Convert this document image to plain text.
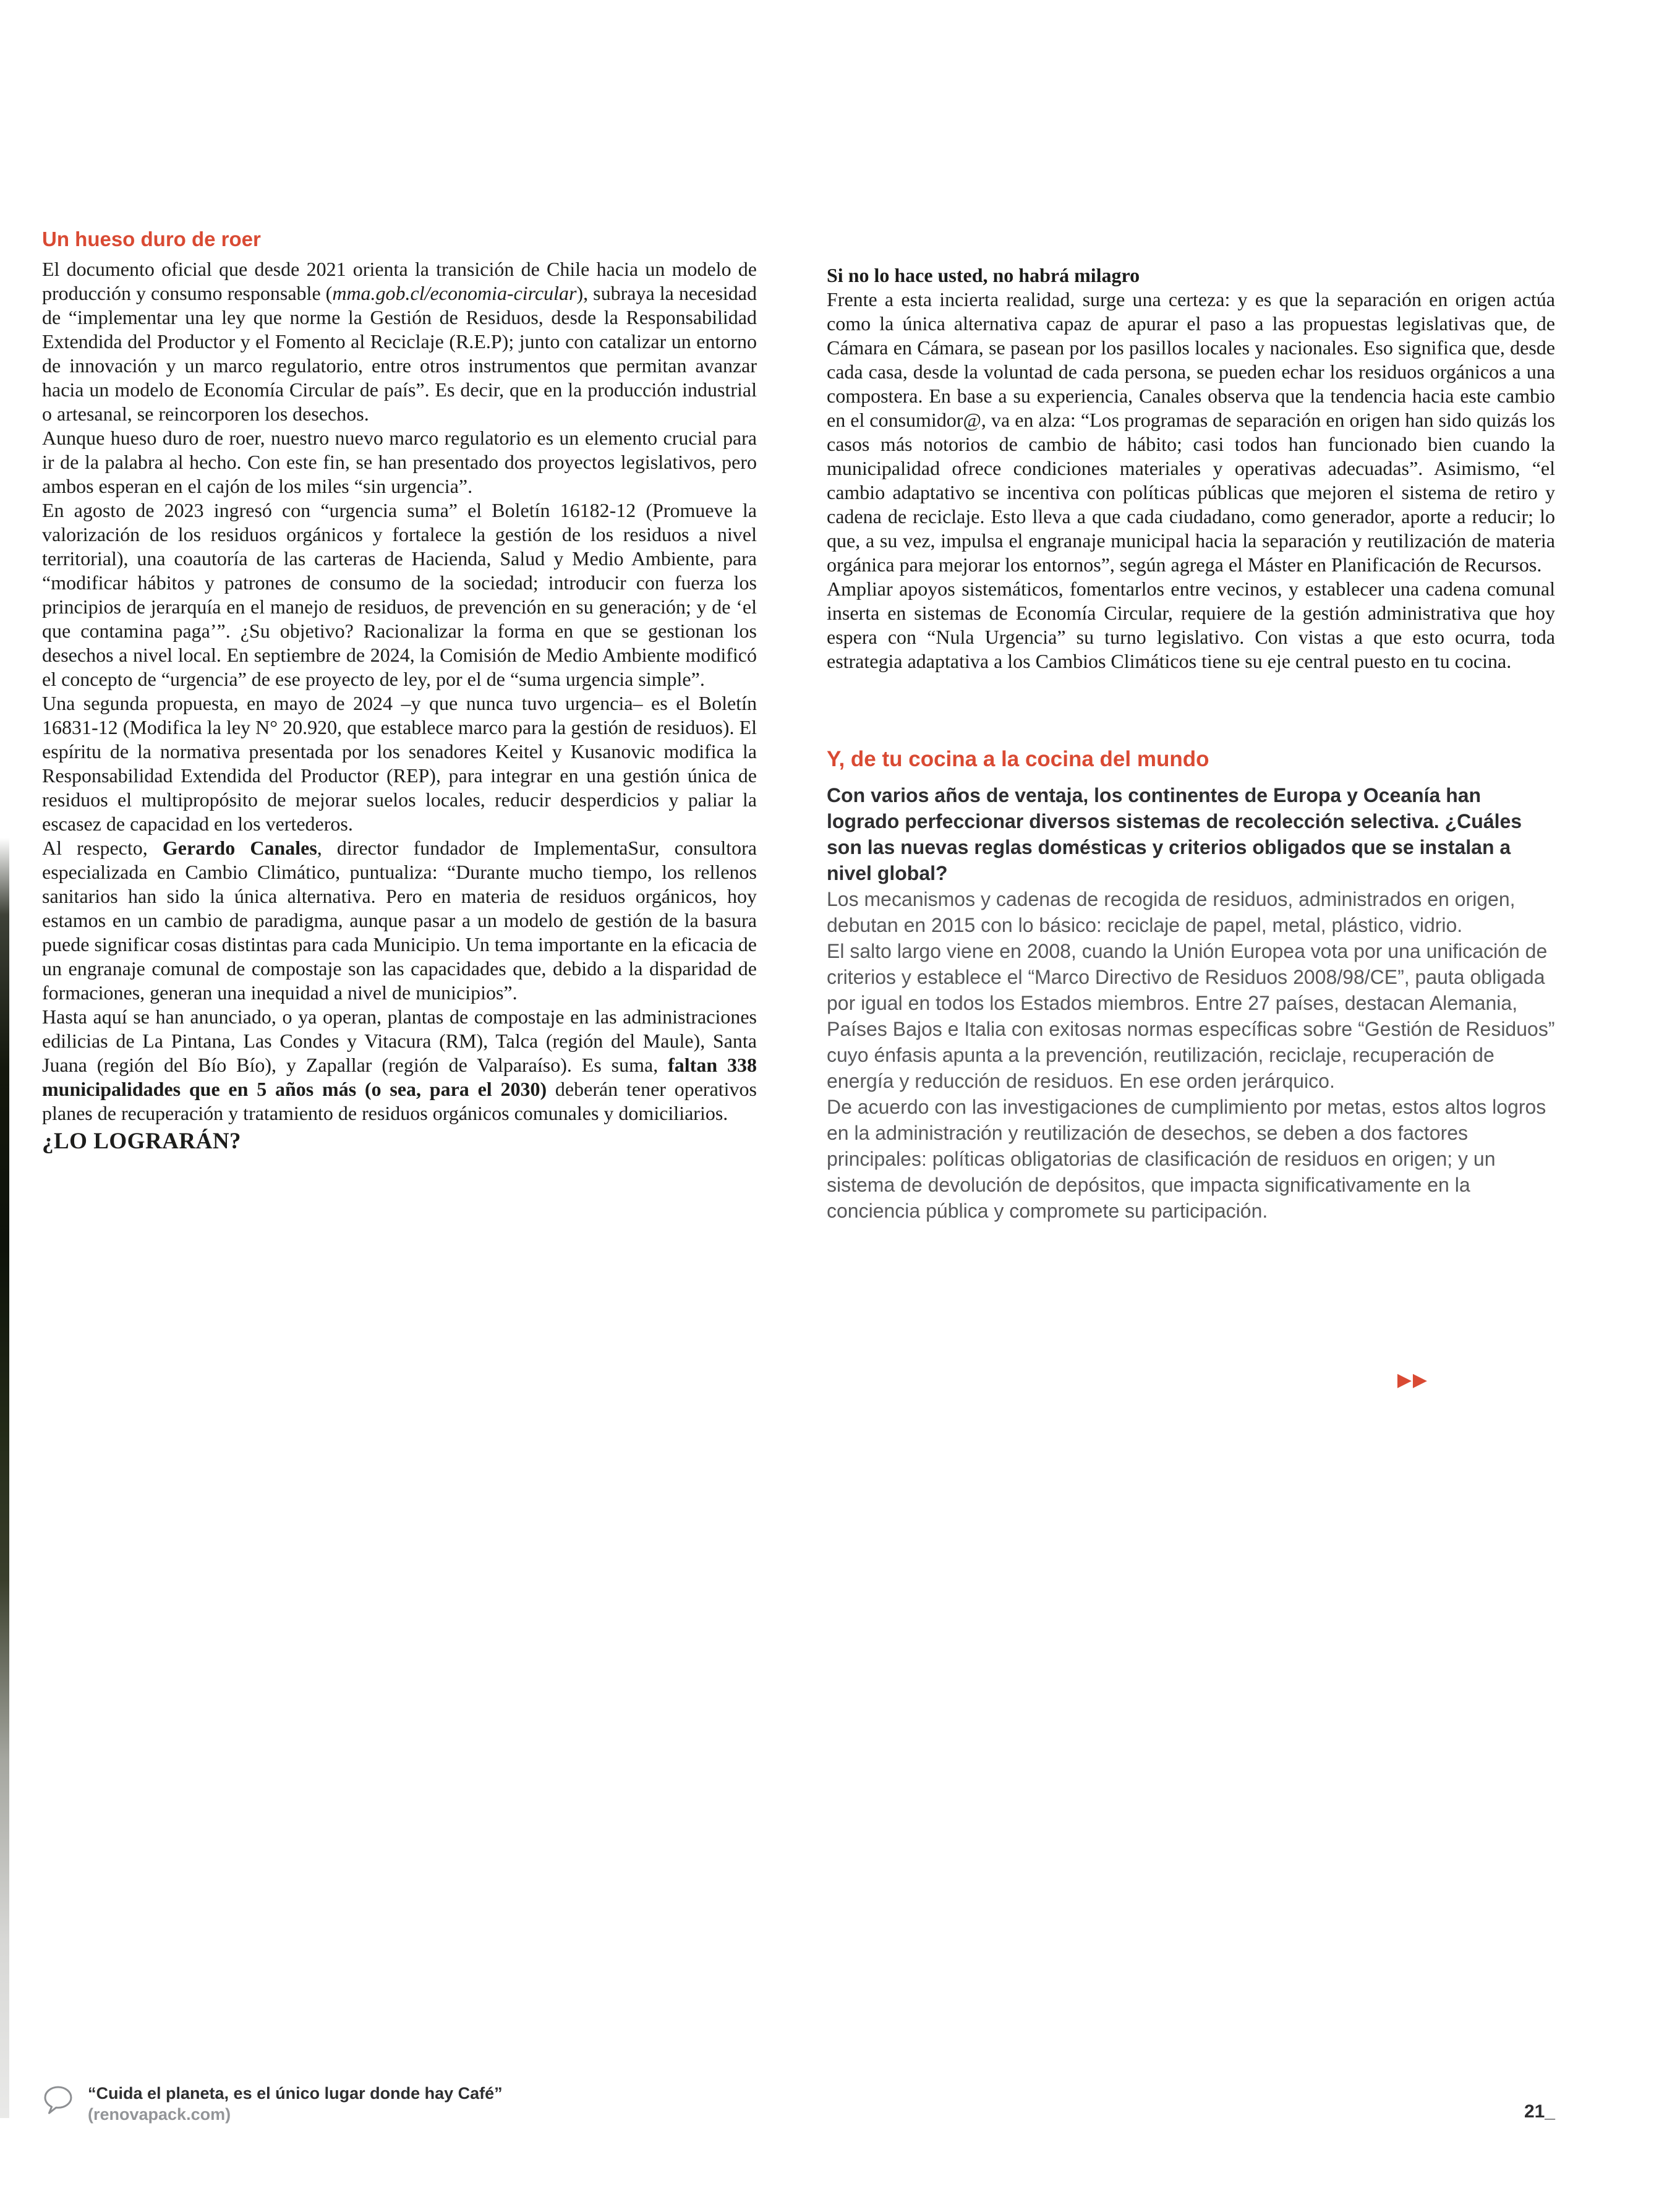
Un hueso duro de roer

El documento oficial que desde 2021 orienta la transición de Chile hacia un modelo de producción y consumo responsable (mma.gob.cl/economia-circular), subraya la necesidad de “implementar una ley que norme la Gestión de Residuos, desde la Responsabilidad Extendida del Productor y el Fomento al Reciclaje (R.E.P); junto con catalizar un entorno de innovación y un marco regulatorio, entre otros instrumentos que permitan avanzar hacia un modelo de Economía Circular de país”. Es decir, que en la producción industrial o artesanal, se reincorporen los desechos.

Aunque hueso duro de roer, nuestro nuevo marco regulatorio es un elemento crucial para ir de la palabra al hecho. Con este fin, se han presentado dos proyectos legislativos, pero ambos esperan en el cajón de los miles “sin urgencia”.

En agosto de 2023 ingresó con “urgencia suma” el Boletín 16182-12 (Promueve la valorización de los residuos orgánicos y fortalece la gestión de los residuos a nivel territorial), una coautoría de las carteras de Hacienda, Salud y Medio Ambiente, para “modificar hábitos y patrones de consumo de la sociedad; introducir con fuerza los principios de jerarquía en el manejo de residuos, de prevención en su generación; y de ‘el que contamina paga’”. ¿Su objetivo? Racionalizar la forma en que se gestionan los desechos a nivel local. En septiembre de 2024, la Comisión de Medio Ambiente modificó el concepto de “urgencia” de ese proyecto de ley, por el de “suma urgencia simple”.

Una segunda propuesta, en mayo de 2024 –y que nunca tuvo urgencia– es el Boletín 16831-12 (Modifica la ley N° 20.920, que establece marco para la gestión de residuos). El espíritu de la normativa presentada por los senadores Keitel y Kusanovic modifica la Responsabilidad Extendida del Productor (REP), para integrar en una gestión única de residuos el multipropósito de mejorar suelos locales, reducir desperdicios y paliar la escasez de capacidad en los vertederos.

Al respecto, Gerardo Canales, director fundador de ImplementaSur, consultora especializada en Cambio Climático, puntualiza: “Durante mucho tiempo, los rellenos sanitarios han sido la única alternativa. Pero en materia de residuos orgánicos, hoy estamos en un cambio de paradigma, aunque pasar a un modelo de gestión de la basura puede significar cosas distintas para cada Municipio. Un tema importante en la eficacia de un engranaje comunal de compostaje son las capacidades que, debido a la disparidad de formaciones, generan una inequidad a nivel de municipios”.

Hasta aquí se han anunciado, o ya operan, plantas de compostaje en las administraciones edilicias de La Pintana, Las Condes y Vitacura (RM), Talca (región del Maule), Santa Juana (región del Bío Bío), y Zapallar (región de Valparaíso). Es suma, faltan 338 municipalidades que en 5 años más (o sea, para el 2030) deberán tener operativos planes de recuperación y tratamiento de residuos orgánicos comunales y domiciliarios.

¿LO LOGRARÁN?
Si no lo hace usted, no habrá milagro

Frente a esta incierta realidad, surge una certeza: y es que la separación en origen actúa como la única alternativa capaz de apurar el paso a las propuestas legislativas que, de Cámara en Cámara, se pasean por los pasillos locales y nacionales. Eso significa que, desde cada casa, desde la voluntad de cada persona, se pueden echar los residuos orgánicos a una compostera. En base a su experiencia, Canales observa que la tendencia hacia este cambio en el consumidor@, va en alza: “Los programas de separación en origen han sido quizás los casos más notorios de cambio de hábito; casi todos han funcionado bien cuando la municipalidad ofrece condiciones materiales y operativas adecuadas”. Asimismo, “el cambio adaptativo se incentiva con políticas públicas que mejoren el sistema de retiro y cadena de reciclaje. Esto lleva a que cada ciudadano, como generador, aporte a reducir; lo que, a su vez, impulsa el engranaje municipal hacia la separación y reutilización de materia orgánica para mejorar los entornos”, según agrega el Máster en Planificación de Recursos.

Ampliar apoyos sistemáticos, fomentarlos entre vecinos, y establecer una cadena comunal inserta en sistemas de Economía Circular, requiere de la gestión administrativa que hoy espera con “Nula Urgencia” su turno legislativo. Con vistas a que esto ocurra, toda estrategia adaptativa a los Cambios Climáticos tiene su eje central puesto en tu cocina.

Y, de tu cocina a la cocina del mundo
Con varios años de ventaja, los continentes de Europa y Oceanía han logrado perfeccionar diversos sistemas de recolección selectiva. ¿Cuáles son las nuevas reglas domésticas y criterios obligados que se instalan a nivel global?

Los mecanismos y cadenas de recogida de residuos, administrados en origen, debutan en 2015 con lo básico: reciclaje de papel, metal, plástico, vidrio.

El salto largo viene en 2008, cuando la Unión Europea vota por una unificación de criterios y establece el “Marco Directivo de Residuos 2008/98/CE”, pauta obligada por igual en todos los Estados miembros. Entre 27 países, destacan Alemania, Países Bajos e Italia con exitosas normas específicas sobre “Gestión de Residuos” cuyo énfasis apunta a la prevención, reutilización, reciclaje, recuperación de energía y reducción de residuos. En ese orden jerárquico.

De acuerdo con las investigaciones de cumplimiento por metas, estos altos logros en la administración y reutilización de desechos, se deben a dos factores principales: políticas obligatorias de clasificación de residuos en origen; y un sistema de devolución de depósitos, que impacta significativamente en la conciencia pública y compromete su participación.

▶▶
“Cuida el planeta, es el único lugar donde hay Café”
(renovapack.com)	21_
